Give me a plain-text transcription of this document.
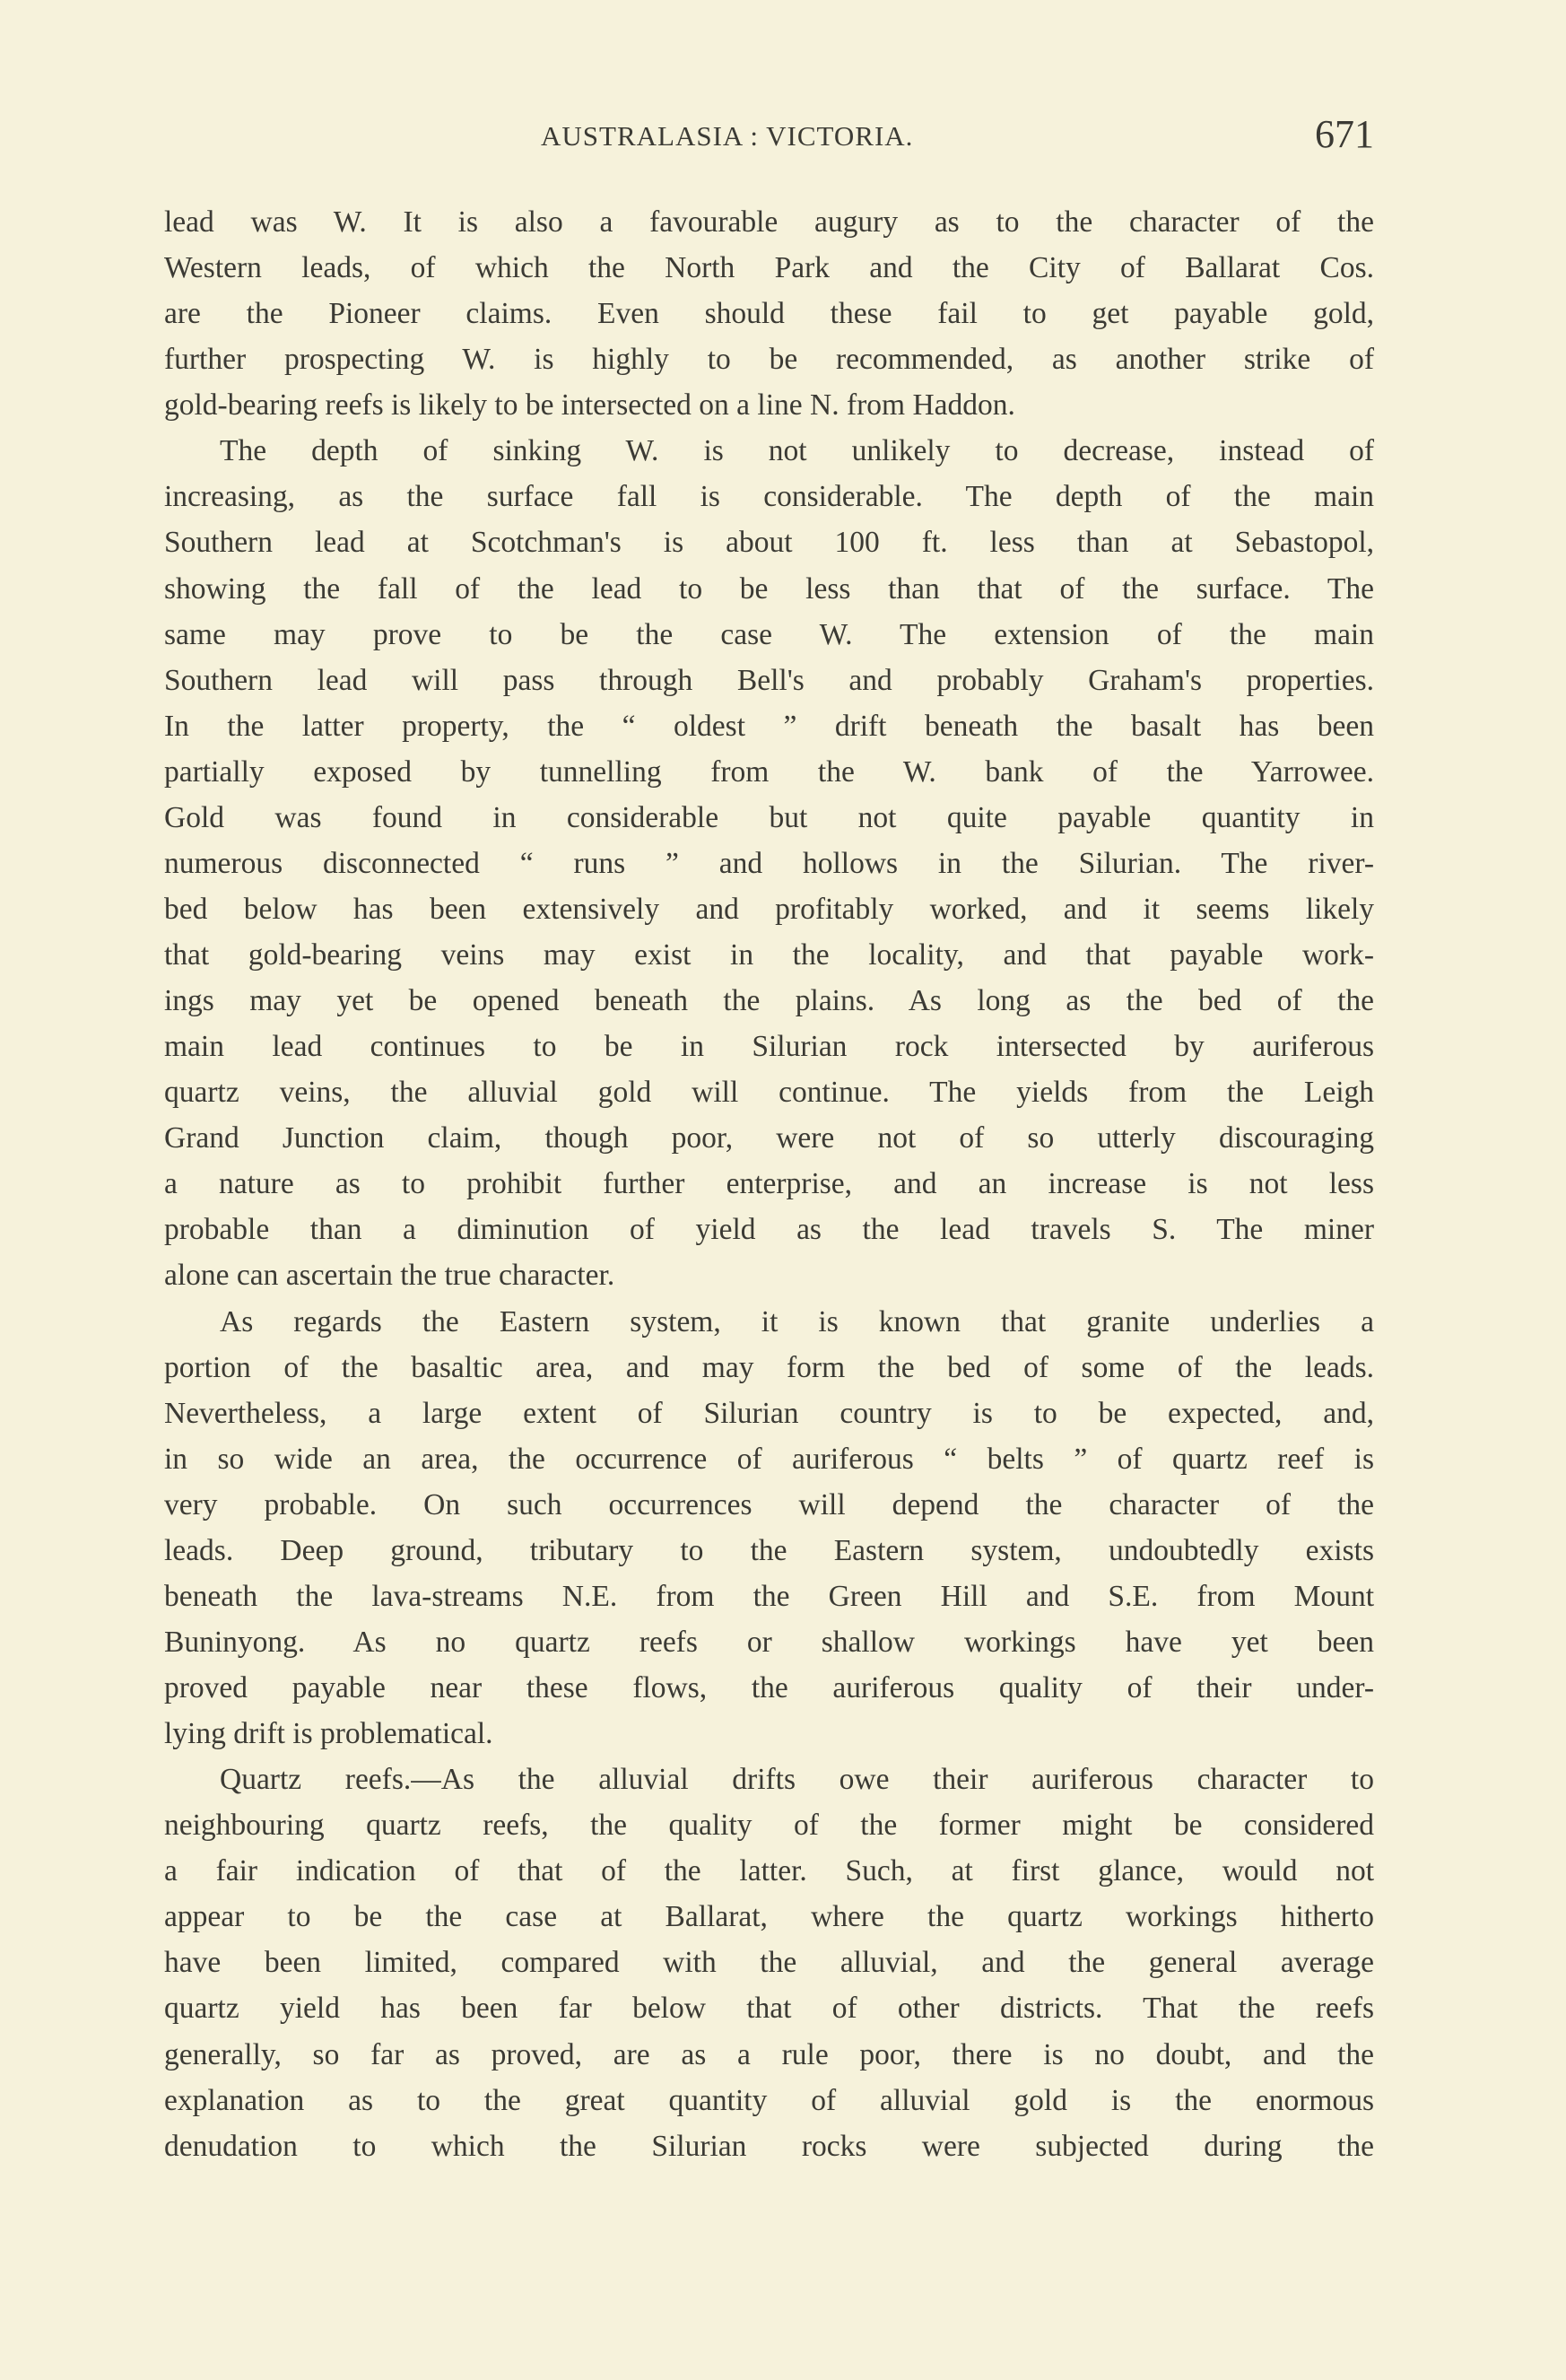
AUSTRALASIA : VICTORIA.	671
lead was W. It is also a favourable augury as to the character of the
Western leads, of which the North Park and the City of Ballarat Cos.
are the Pioneer claims. Even should these fail to get payable gold,
further prospecting W. is highly to be recommended, as another strike of
gold-bearing reefs is likely to be intersected on a line N. from Haddon.
The depth of sinking W. is not unlikely to decrease, instead of
increasing, as the surface fall is considerable. The depth of the main
Southern lead at Scotchman's is about 100 ft. less than at Sebastopol,
showing the fall of the lead to be less than that of the surface. The
same may prove to be the case W. The extension of the main
Southern lead will pass through Bell's and probably Graham's properties.
In the latter property, the “ oldest ” drift beneath the basalt has been
partially exposed by tunnelling from the W. bank of the Yarrowee.
Gold was found in considerable but not quite payable quantity in
numerous disconnected “ runs ” and hollows in the Silurian. The river-
bed below has been extensively and profitably worked, and it seems likely
that gold-bearing veins may exist in the locality, and that payable work-
ings may yet be opened beneath the plains. As long as the bed of the
main lead continues to be in Silurian rock intersected by auriferous
quartz veins, the alluvial gold will continue. The yields from the Leigh
Grand Junction claim, though poor, were not of so utterly discouraging
a nature as to prohibit further enterprise, and an increase is not less
probable than a diminution of yield as the lead travels S. The miner
alone can ascertain the true character.
As regards the Eastern system, it is known that granite underlies a
portion of the basaltic area, and may form the bed of some of the leads.
Nevertheless, a large extent of Silurian country is to be expected, and,
in so wide an area, the occurrence of auriferous “ belts ” of quartz reef is
very probable. On such occurrences will depend the character of the
leads. Deep ground, tributary to the Eastern system, undoubtedly exists
beneath the lava-streams N.E. from the Green Hill and S.E. from Mount
Buninyong. As no quartz reefs or shallow workings have yet been
proved payable near these flows, the auriferous quality of their under-
lying drift is problematical.
Quartz reefs.—As the alluvial drifts owe their auriferous character to
neighbouring quartz reefs, the quality of the former might be considered
a fair indication of that of the latter. Such, at first glance, would not
appear to be the case at Ballarat, where the quartz workings hitherto
have been limited, compared with the alluvial, and the general average
quartz yield has been far below that of other districts. That the reefs
generally, so far as proved, are as a rule poor, there is no doubt, and the
explanation as to the great quantity of alluvial gold is the enormous
denudation to which the Silurian rocks were subjected during the
